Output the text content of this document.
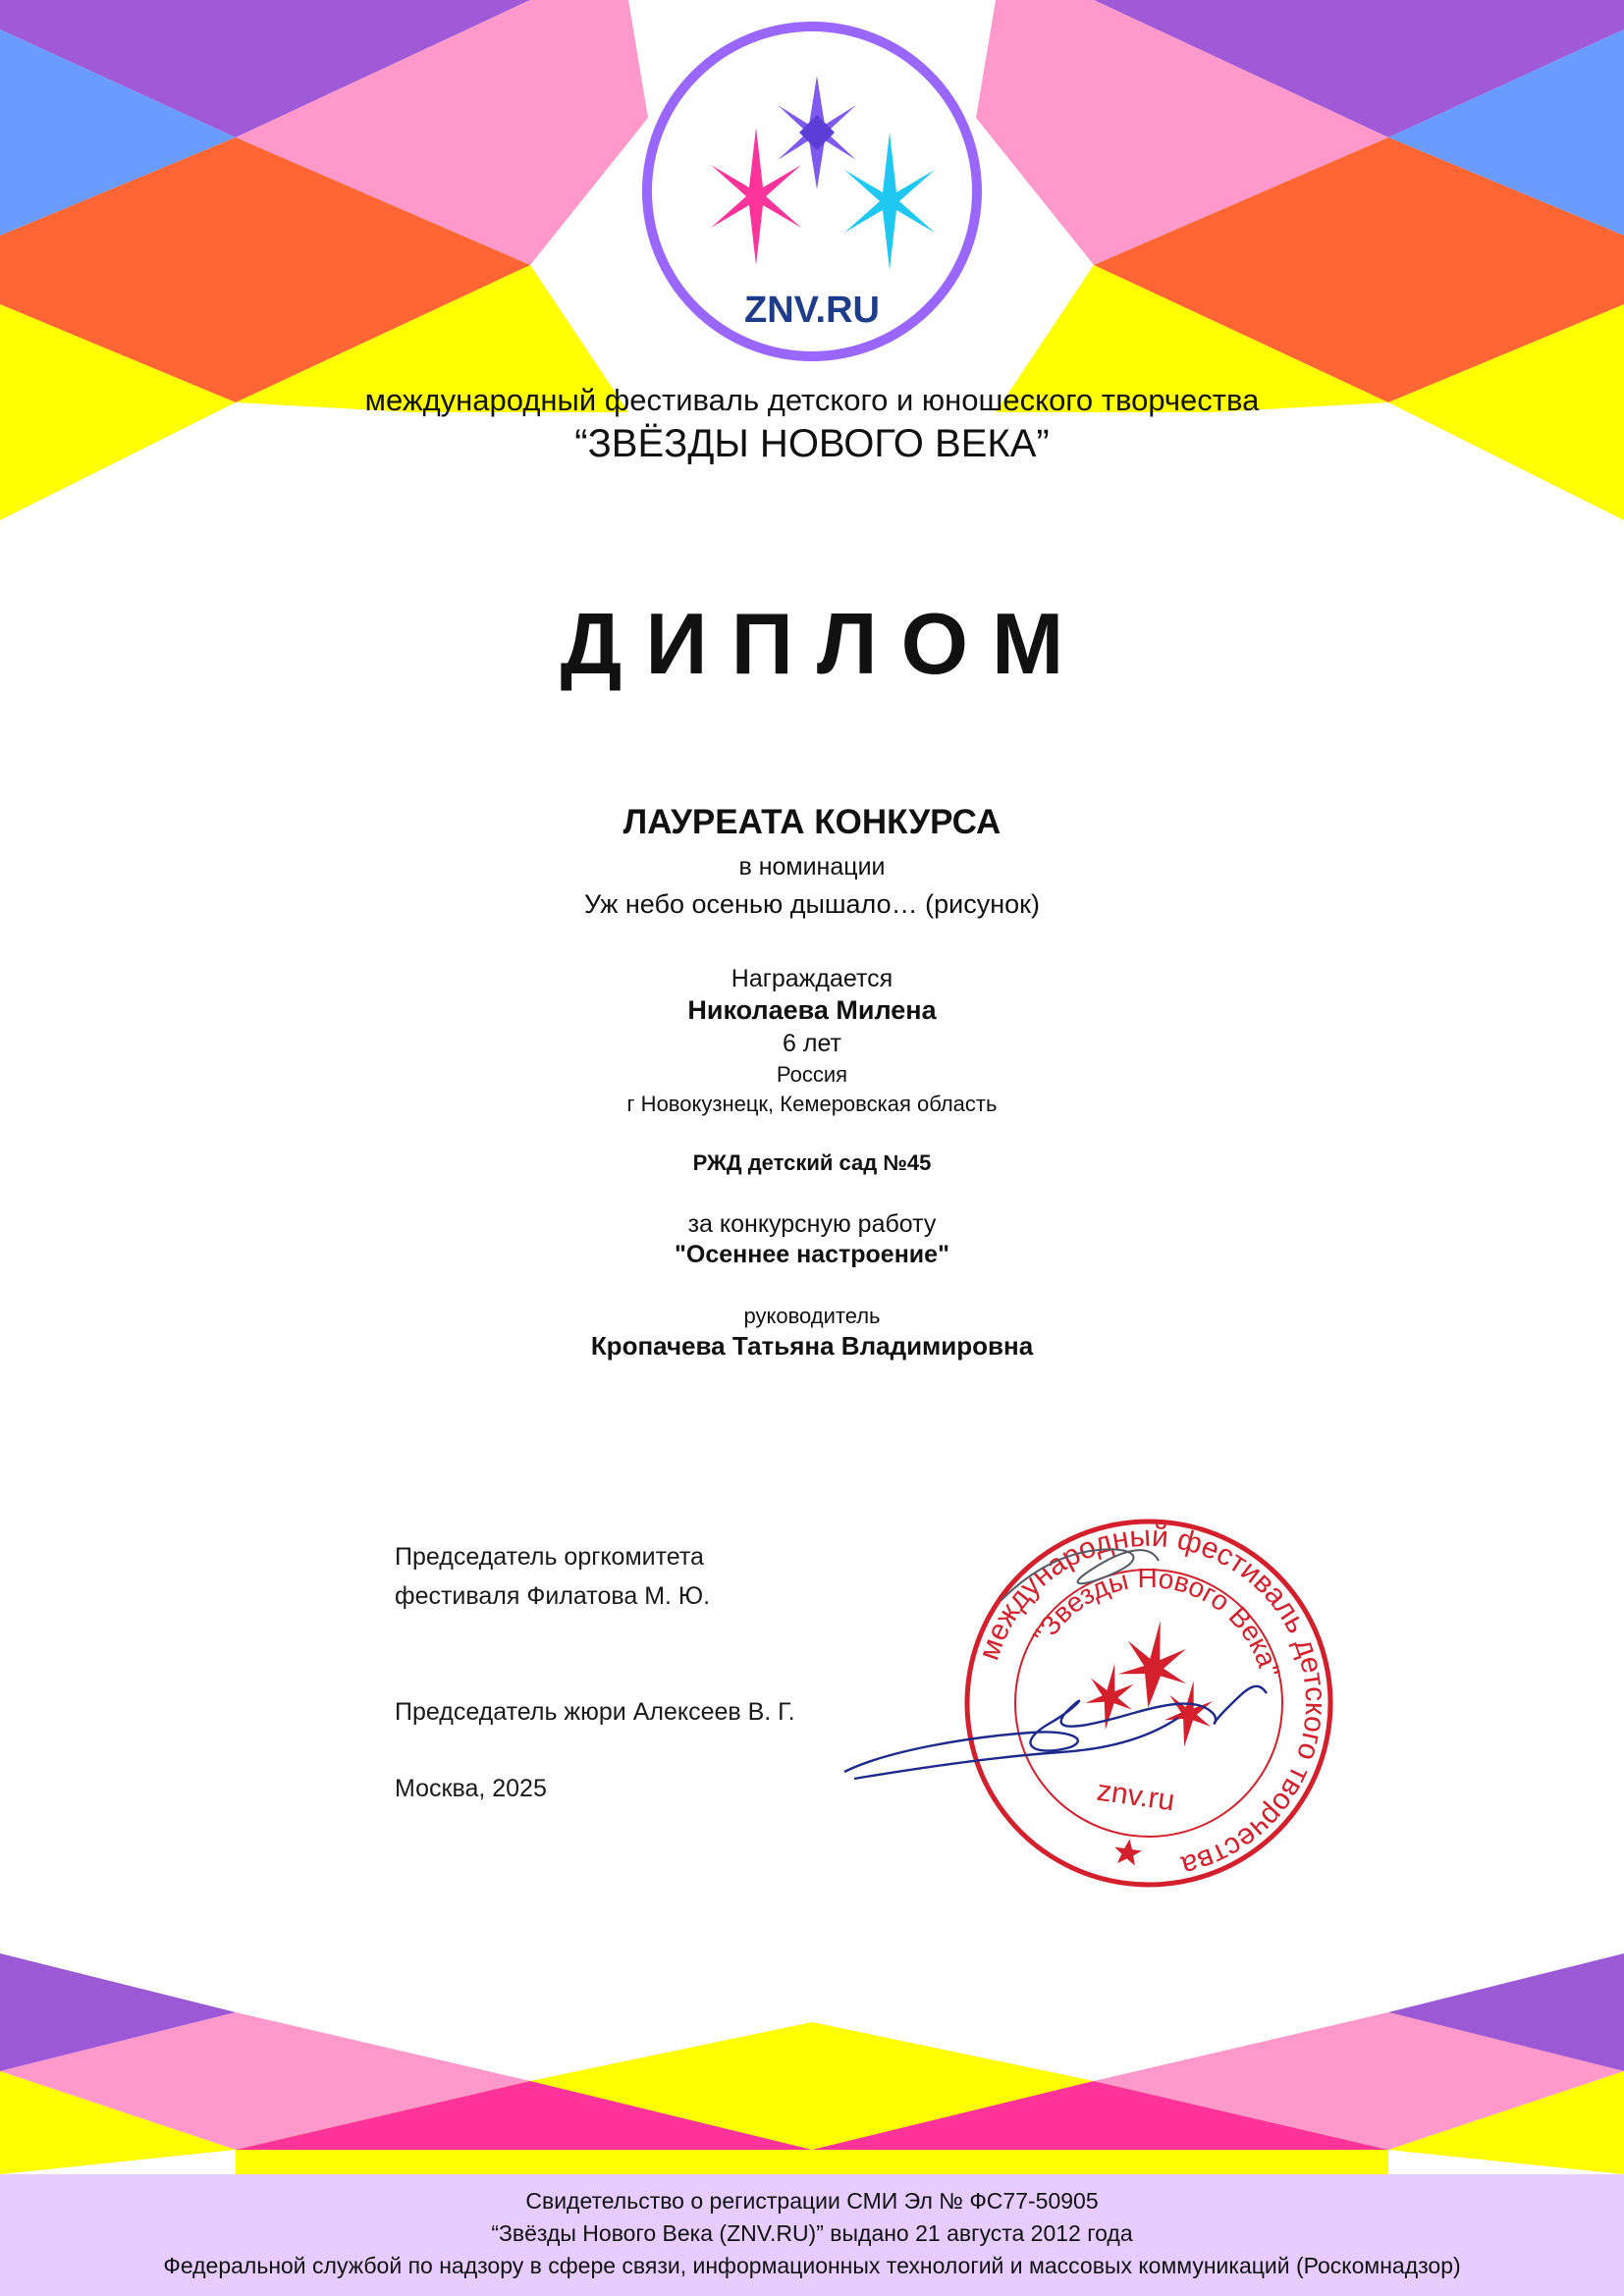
ZNV.RU
международный фестиваль детского и юношеского творчества
“ЗВЁЗДЫ НОВОГО ВЕКА”
ДИПЛОМ
ЛАУРЕАТА КОНКУРСА
в номинации
Уж небо осенью дышало… (рисунок)
Награждается
Николаева Милена
6 лет
Россия
г Новокузнецк, Кемеровская область
РЖД детский сад №45
за конкурсную работу
"Осеннее настроение"
руководитель
Кропачева Татьяна Владимировна
Председатель оргкомитета
фестиваля Филатова М. Ю.
Председатель жюри Алексеев В. Г.
Москва, 2025
международный фестиваль детского творчества
"Звезды Нового Века"
znv.ru
Свидетельство о регистрации СМИ Эл № ФС77-50905
“Звёзды Нового Века (ZNV.RU)” выдано 21 августа 2012 года
Федеральной службой по надзору в сфере связи, информационных технологий и массовых коммуникаций (Роскомнадзор)
